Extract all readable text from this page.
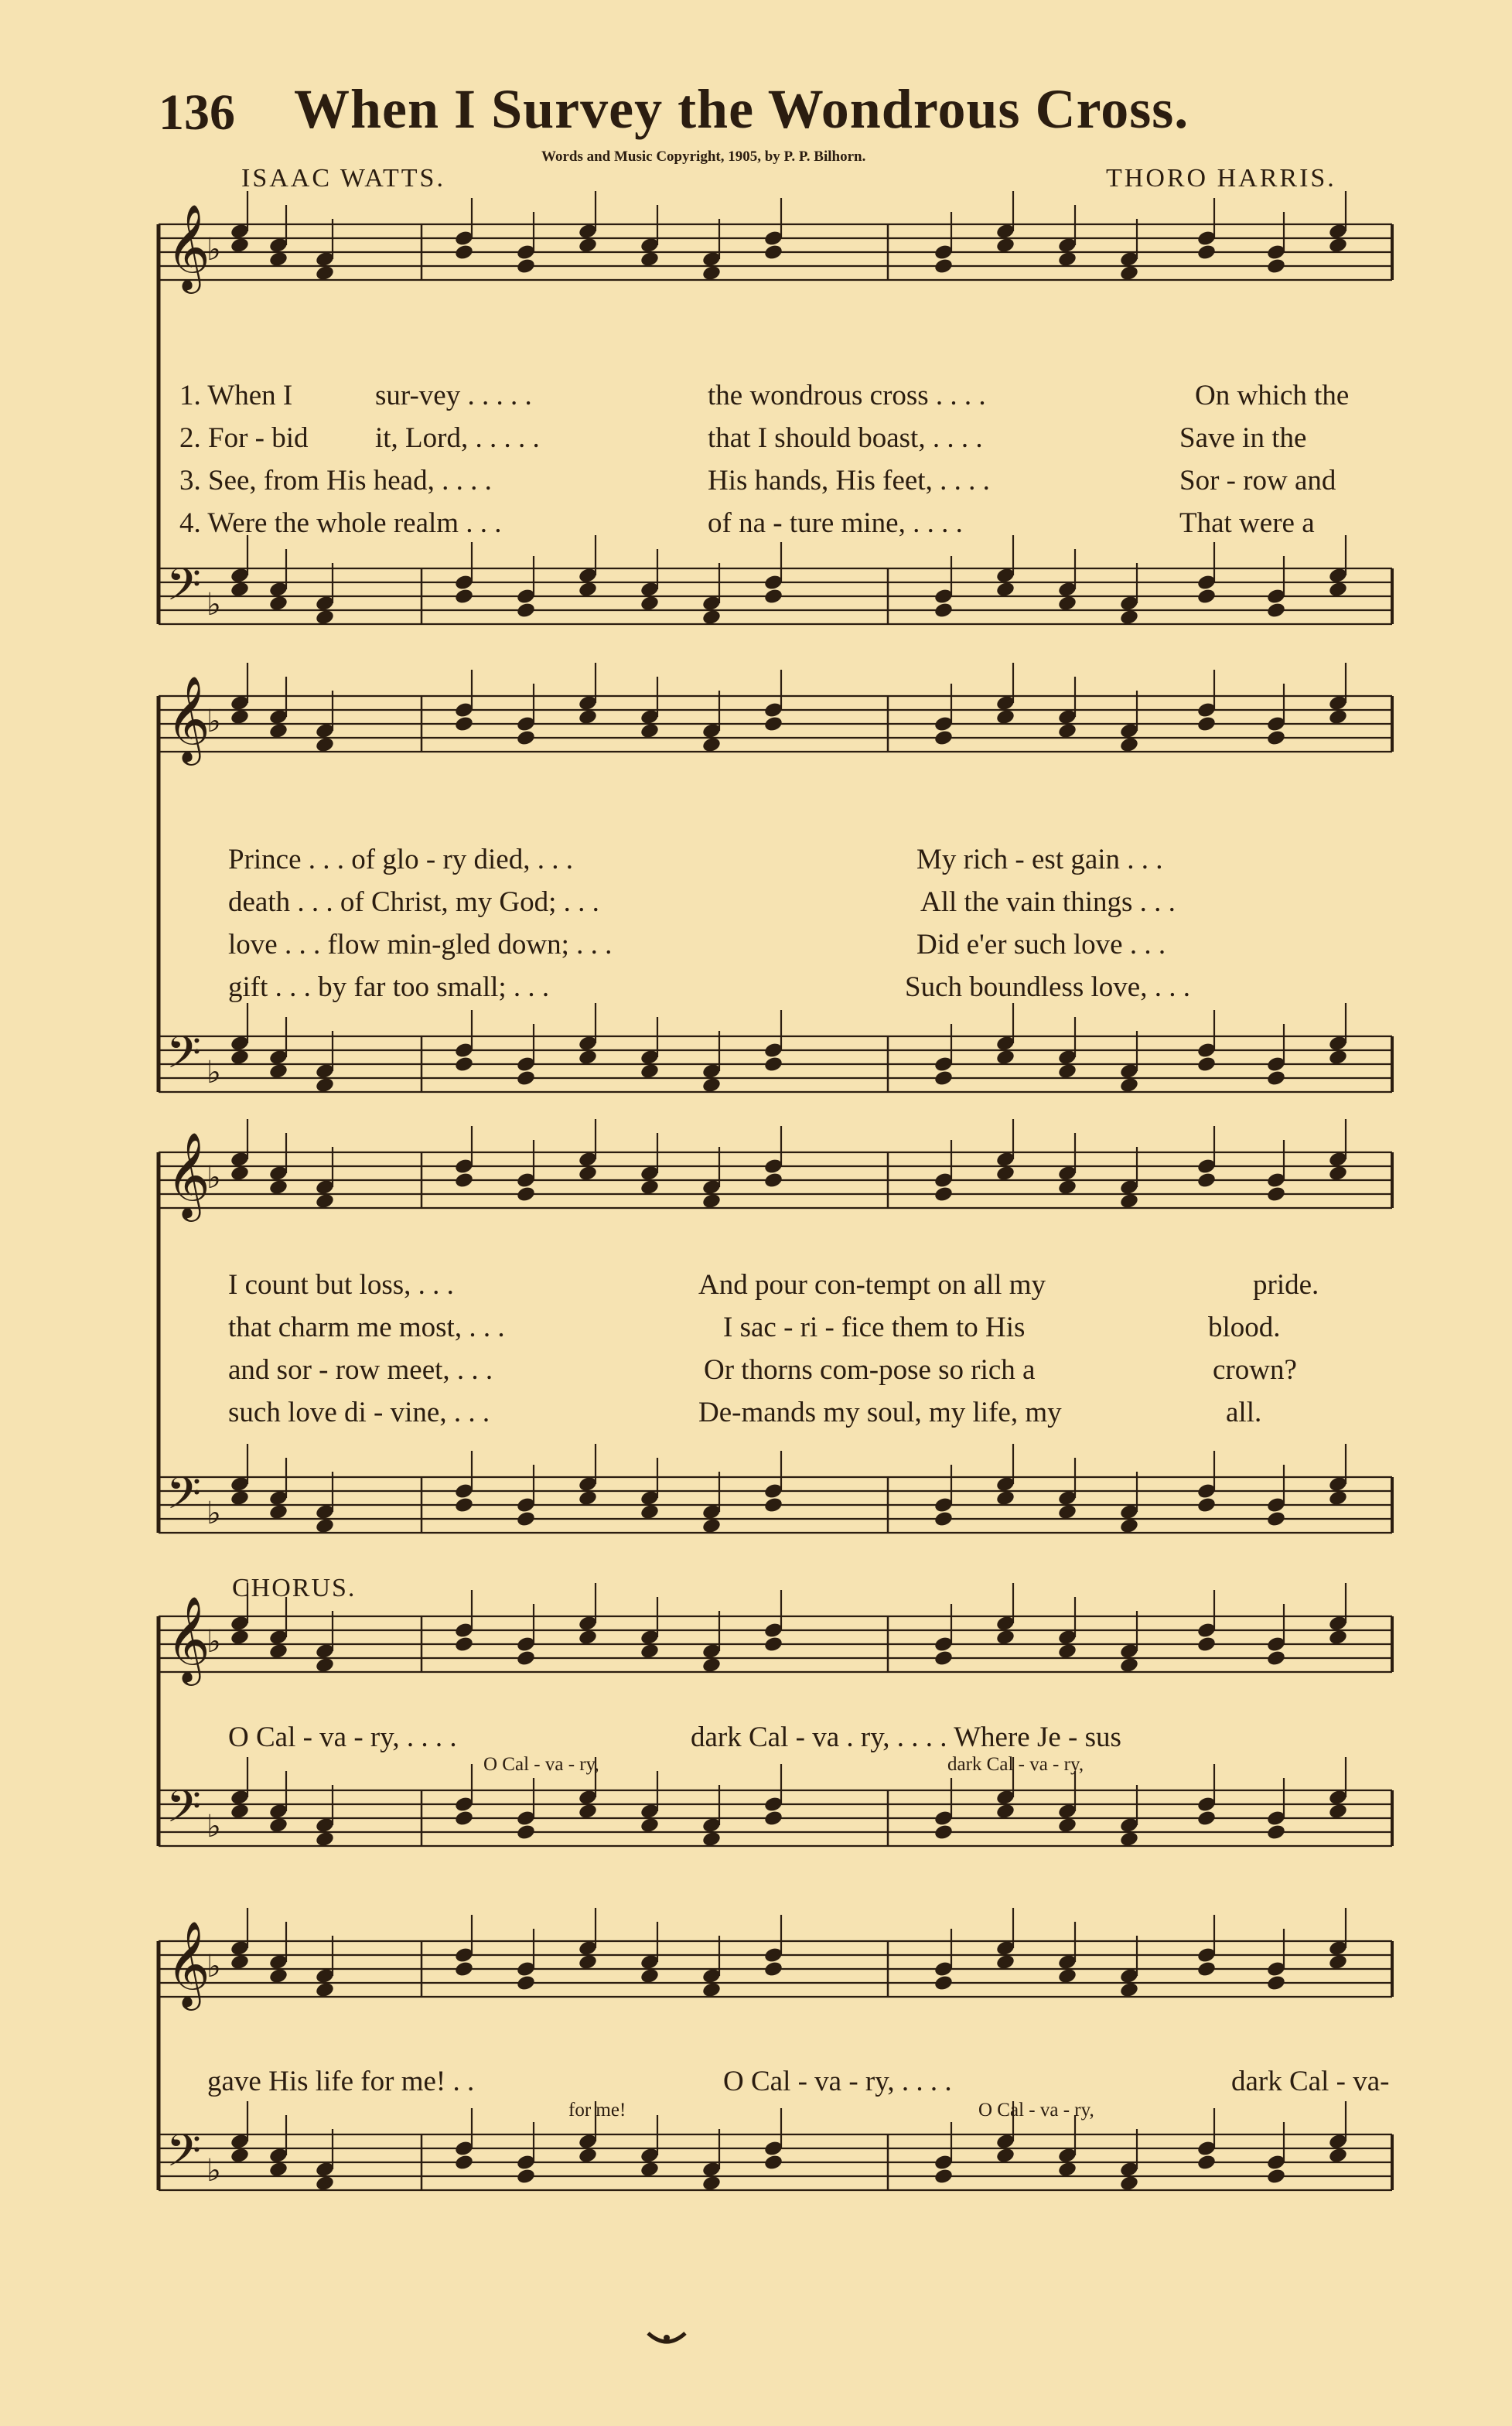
136 When I Survey the Wondrous Cross.
Words and Music Copyright, 1905, by P. P. Bilhorn.
ISAAC WATTS.	THORO HARRIS.
𝄞
♭
𝄢 ♭
1. When I	sur-vey . . . . .	the wondrous cross . . . .	On which the
2. For - bid it, Lord, . . . . .	that I should boast, . . . .	Save in the
3. See, from His head, . . . .	His hands, His feet, . . . .	Sor - row and
4. Were the whole realm . . .	of na - ture mine, . . . .	That were a
𝄞
♭
𝄢 ♭
Prince . . . of glo - ry died, . . .	My rich - est gain . . .
death . . . of Christ, my God; . . .	All the vain things . . .
love . . . flow min-gled down; . . .	Did e'er such love . . .
gift . . . by far too small; . . .	Such boundless love, . . .
𝄞
♭
𝄢 ♭
I count but loss, . . .	And pour con-tempt on all my	pride.
that charm me most, . . .	I sac - ri - fice them to His	blood.
and sor - row meet, . . .	Or thorns com-pose so rich a	crown?
such love di - vine, . . .	De-mands my soul, my life, my	all.
CHORUS.
𝄞
♭
𝄢 ♭
O Cal - va - ry, . . . .	dark Cal - va . ry, . . . . Where Je - sus
O Cal - va - ry,	dark Cal - va - ry,
𝄞
♭
𝄢 ♭
gave His life for me! . .	O Cal - va - ry, . . . .	dark Cal - va-
for me!	O Cal - va - ry,
